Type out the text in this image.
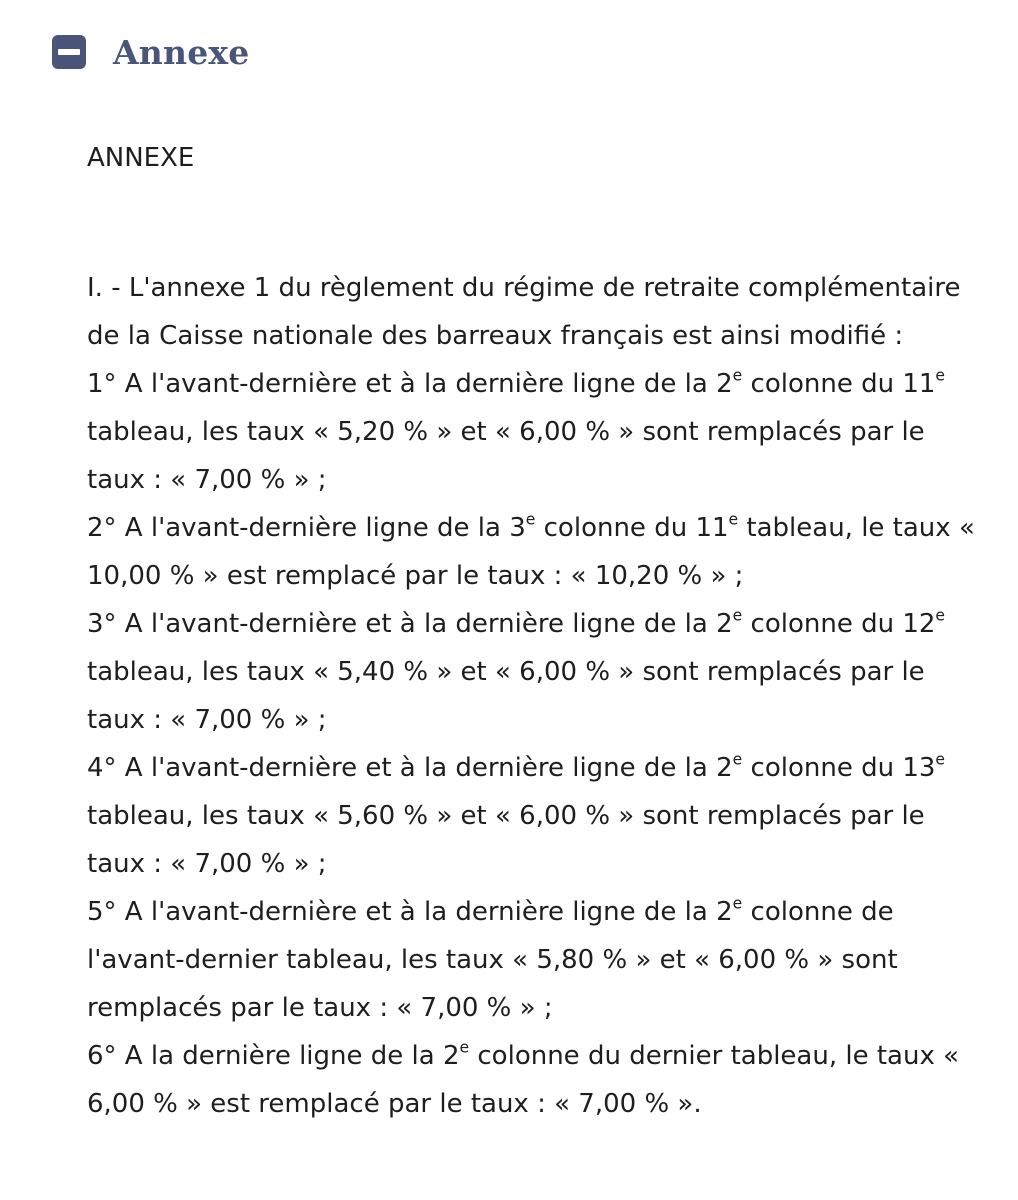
Annexe
ANNEXE
I. - L'annexe 1 du règlement du régime de retraite complémentaire de la Caisse nationale des barreaux français est ainsi modifié :
1° A l'avant-dernière et à la dernière ligne de la 2e colonne du 11e tableau, les taux « 5,20 % » et « 6,00 % » sont remplacés par le taux : « 7,00 % » ;
2° A l'avant-dernière ligne de la 3e colonne du 11e tableau, le taux « 10,00 % » est remplacé par le taux : « 10,20 % » ;
3° A l'avant-dernière et à la dernière ligne de la 2e colonne du 12e tableau, les taux « 5,40 % » et « 6,00 % » sont remplacés par le taux : « 7,00 % » ;
4° A l'avant-dernière et à la dernière ligne de la 2e colonne du 13e tableau, les taux « 5,60 % » et « 6,00 % » sont remplacés par le taux : « 7,00 % » ;
5° A l'avant-dernière et à la dernière ligne de la 2e colonne de l'avant-dernier tableau, les taux « 5,80 % » et « 6,00 % » sont remplacés par le taux : « 7,00 % » ;
6° A la dernière ligne de la 2e colonne du dernier tableau, le taux « 6,00 % » est remplacé par le taux : « 7,00 % ».
